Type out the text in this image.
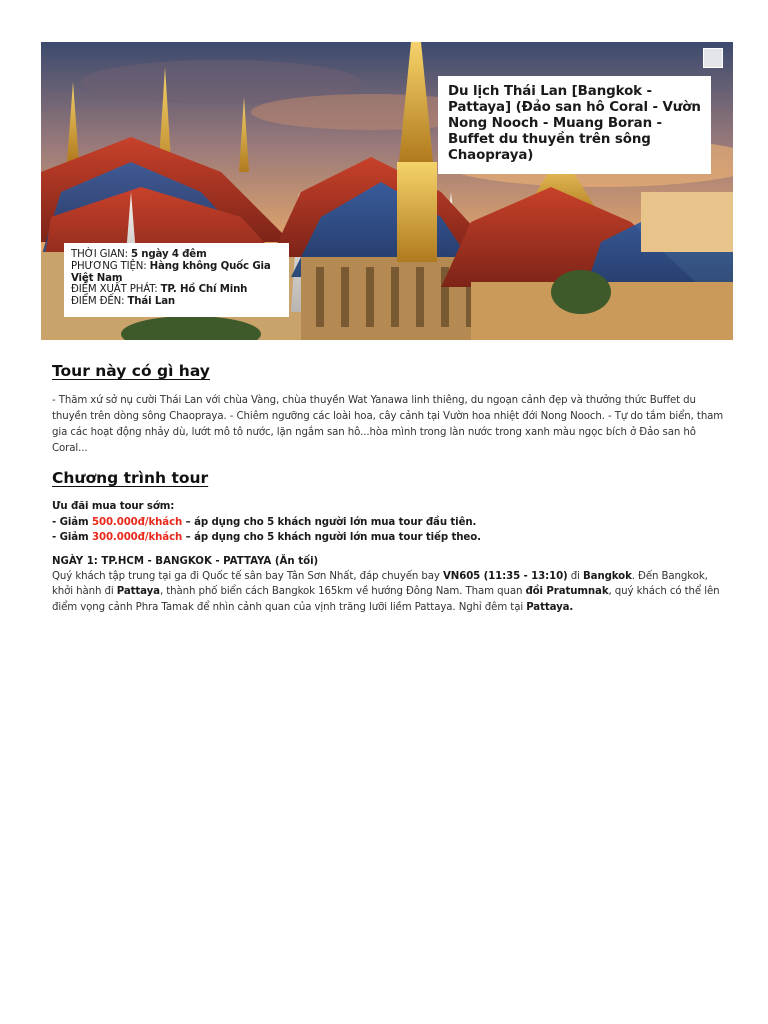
Du lịch Thái Lan [Bangkok - Pattaya] (Đảo san hô Coral - Vườn Nong Nooch - Muang Boran - Buffet du thuyền trên sông Chaopraya)

THỜI GIAN: 5 ngày 4 đêm

PHƯƠNG TIỆN: Hàng không Quốc Gia Việt Nam

ĐIỂM XUẤT PHÁT: TP. Hồ Chí Minh

ĐIỂM ĐẾN: Thái Lan

Tour này có gì hay

- Thăm xứ sở nụ cười Thái Lan với chùa Vàng, chùa thuyền Wat Yanawa linh thiêng, du ngoạn cảnh đẹp và thưởng thức Buffet du thuyền trên dòng sông Chaopraya. - Chiêm ngưỡng các loài hoa, cây cảnh tại Vườn hoa nhiệt đới Nong Nooch. - Tự do tắm biển, tham gia các hoạt động nhảy dù, lướt mô tô nước, lặn ngắm san hô...hòa mình trong làn nước trong xanh màu ngọc bích ở Đảo san hô Coral...

Chương trình tour
Ưu đãi mua tour sớm:
- Giảm 500.000đ/khách – áp dụng cho 5 khách người lớn mua tour đầu tiên.
- Giảm 300.000đ/khách – áp dụng cho 5 khách người lớn mua tour tiếp theo.

NGÀY 1: TP.HCM - BANGKOK - PATTAYA (Ăn tối)

Quý khách tập trung tại ga đi Quốc tế sân bay Tân Sơn Nhất, đáp chuyến bay VN605 (11:35 - 13:10) đi Bangkok. Đến Bangkok, khởi hành đi Pattaya, thành phố biển cách Bangkok 165km về hướng Đông Nam. Tham quan đồi Pratumnak, quý khách có thể lên điểm vọng cảnh Phra Tamak để nhìn cảnh quan của vịnh trăng lưỡi liềm Pattaya. Nghỉ đêm tại Pattaya.
